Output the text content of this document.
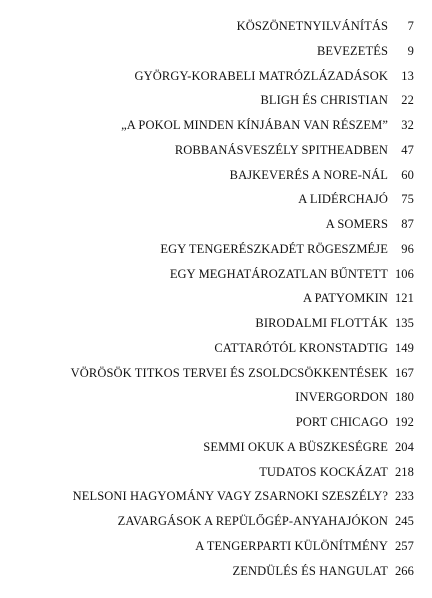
KÖSZÖNETNYILVÁNÍTÁS	7
BEVEZETÉS	9
GYÖRGY-KORABELI MATRÓZLÁZADÁSOK	13
BLIGH ÉS CHRISTIAN	22
„A POKOL MINDEN KÍNJÁBAN VAN RÉSZEM”	32
ROBBANÁSVESZÉLY SPITHEADBEN	47
BAJKEVERÉS A NORE-NÁL	60
A LIDÉRCHAJÓ	75
A SOMERS	87
EGY TENGERÉSZKADÉT RÖGESZMÉJE	96
EGY MEGHATÁROZATLAN BŰNTETT 106
A PATYOMKIN 121
BIRODALMI FLOTTÁK 135
CATTARÓTÓL KRONSTADTIG 149
VÖRÖSÖK TITKOS TERVEI ÉS ZSOLDCSÖKKENTÉSEK 167
INVERGORDON 180
PORT CHICAGO 192
SEMMI OKUK A BÜSZKESÉGRE 204
TUDATOS KOCKÁZAT 218
NELSONI HAGYOMÁNY VAGY ZSARNOKI SZESZÉLY? 233
ZAVARGÁSOK A REPÜLŐGÉP-ANYAHAJÓKON 245
A TENGERPARTI KÜLÖNÍTMÉNY 257
ZENDÜLÉS ÉS HANGULAT 266
